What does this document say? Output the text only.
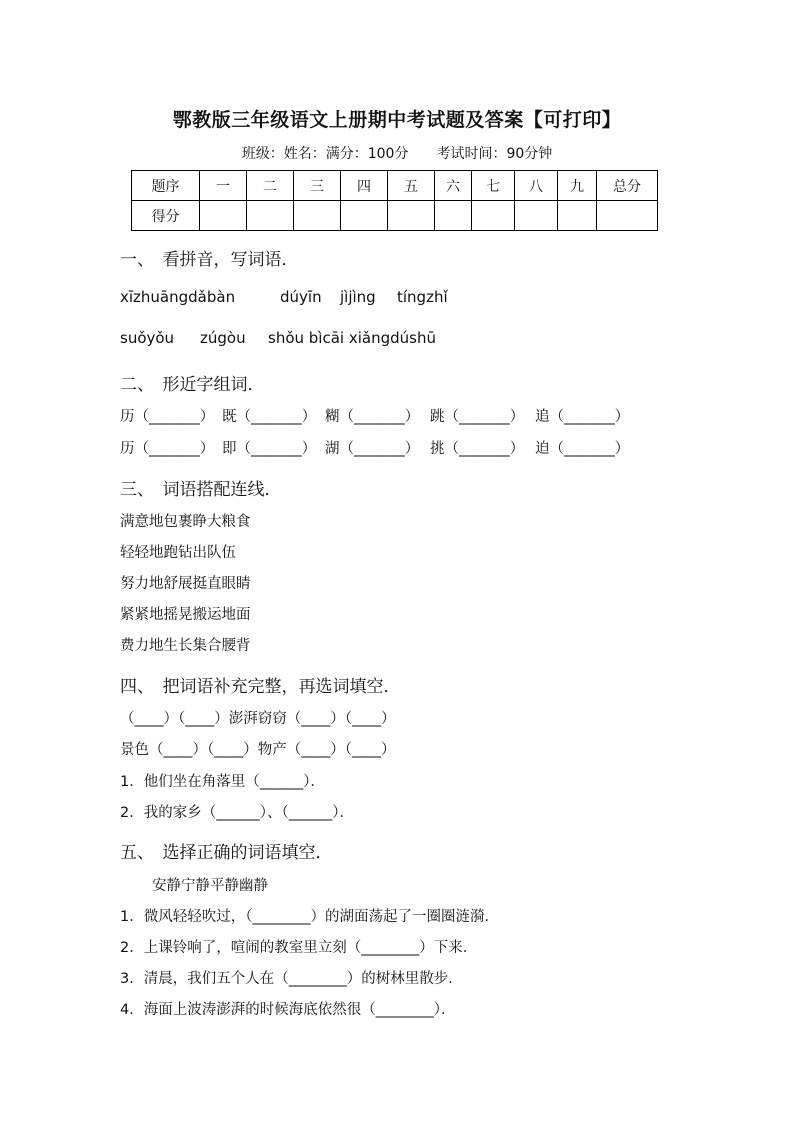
鄂教版三年级语文上册期中考试题及答案【可打印】
班级：姓名：满分：100分　　考试时间：90分钟
题序	一	二	三	四	五	六	七	八	九	总分
得分										
一、　看拼音，写词语．
xīzhuāngdǎbàn	dúyīn jìjìng tíngzhǐ
suǒyǒu zúgòu shǒu bìcāi xiǎngdúshū
二、　形近字组词．
历（_______） 既（_______） 糊（_______） 跳（_______） 追（_______）
历（_______） 即（_______） 湖（_______） 挑（_______） 迫（_______）
三、　词语搭配连线．
满意地包裹睁大粮食
轻轻地跑钻出队伍
努力地舒展挺直眼睛
紧紧地摇晃搬运地面
费力地生长集合腰背
四、　把词语补充完整，再选词填空．
（____）（____）澎湃窃窃（____）（____）
景色（____）（____）物产（____）（____）
1．他们坐在角落里（______）．
2．我的家乡（______）、（______）．
五、　选择正确的词语填空．
安静宁静平静幽静
1．微风轻轻吹过，（________）的湖面荡起了一圈圈涟漪．
2．上课铃响了，喧闹的教室里立刻（________）下来．
3．清晨，我们五个人在（________）的树林里散步．
4．海面上波涛澎湃的时候海底依然很（________）．
